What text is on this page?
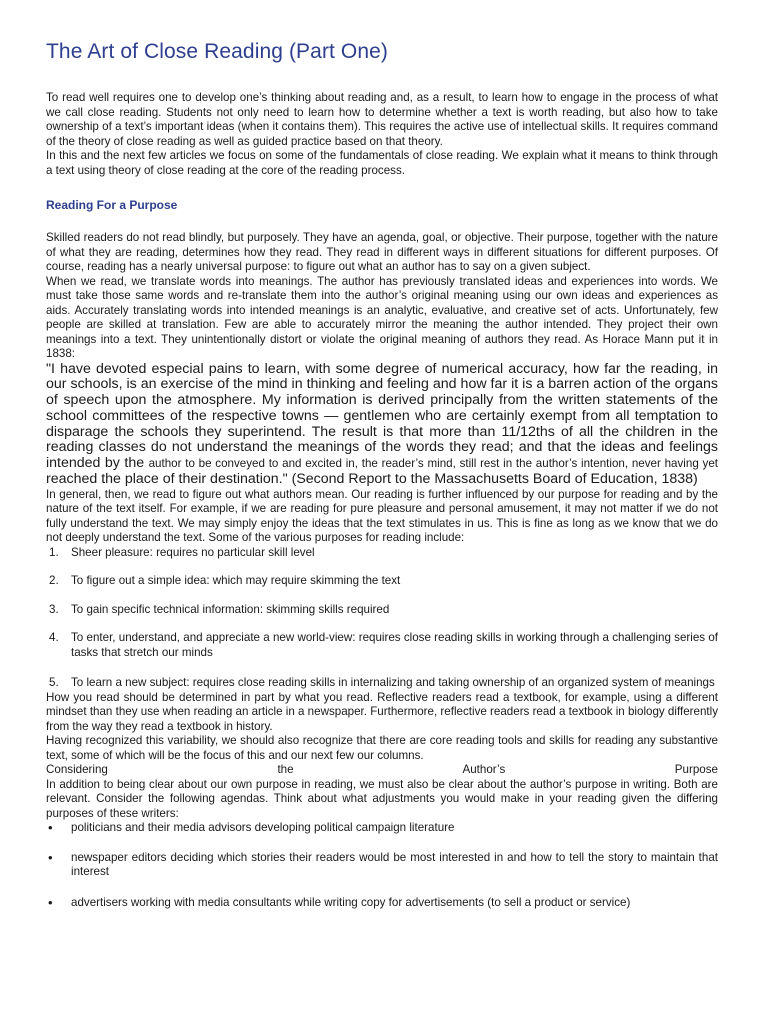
The Art of Close Reading (Part One)

To read well requires one to develop one’s thinking about reading and, as a result, to learn how to engage in the process of what we call close reading. Students not only need to learn how to determine whether a text is worth reading, but also how to take ownership of a text’s important ideas (when it contains them). This requires the active use of intellectual skills. It requires command of the theory of close reading as well as guided practice based on that theory.

In this and the next few articles we focus on some of the fundamentals of close reading. We explain what it means to think through a text using theory of close reading at the core of the reading process.

Reading For a Purpose

Skilled readers do not read blindly, but purposely. They have an agenda, goal, or objective. Their purpose, together with the nature of what they are reading, determines how they read. They read in different ways in different situations for different purposes. Of course, reading has a nearly universal purpose: to figure out what an author has to say on a given subject.

When we read, we translate words into meanings. The author has previously translated ideas and experiences into words. We must take those same words and re-translate them into the author’s original meaning using our own ideas and experiences as aids. Accurately translating words into intended meanings is an analytic, evaluative, and creative set of acts. Unfortunately, few people are skilled at translation. Few are able to accurately mirror the meaning the author intended. They project their own meanings into a text. They unintentionally distort or violate the original meaning of authors they read. As Horace Mann put it in 1838:

"I have devoted especial pains to learn, with some degree of numerical accuracy, how far the reading, in our schools, is an exercise of the mind in thinking and feeling and how far it is a barren action of the organs of speech upon the atmosphere. My information is derived principally from the written statements of the school committees of the respective towns — gentlemen who are certainly exempt from all temptation to disparage the schools they superintend. The result is that more than 11/12ths of all the children in the reading classes do not understand the meanings of the words they read; and that the ideas and feelings intended by the author to be conveyed to and excited in, the reader’s mind, still rest in the author’s intention, never having yet reached the place of their destination." (Second Report to the Massachusetts Board of Education, 1838)

In general, then, we read to figure out what authors mean. Our reading is further influenced by our purpose for reading and by the nature of the text itself. For example, if we are reading for pure pleasure and personal amusement, it may not matter if we do not fully understand the text. We may simply enjoy the ideas that the text stimulates in us. This is fine as long as we know that we do not deeply understand the text. Some of the various purposes for reading include:

1. Sheer pleasure: requires no particular skill level
2. To figure out a simple idea: which may require skimming the text
3. To gain specific technical information: skimming skills required
4. To enter, understand, and appreciate a new world-view: requires close reading skills in working through a challenging series of tasks that stretch our minds
5. To learn a new subject: requires close reading skills in internalizing and taking ownership of an organized system of meanings

How you read should be determined in part by what you read. Reflective readers read a textbook, for example, using a different mindset than they use when reading an article in a newspaper. Furthermore, reflective readers read a textbook in biology differently from the way they read a textbook in history.

Having recognized this variability, we should also recognize that there are core reading tools and skills for reading any substantive text, some of which will be the focus of this and our next few our columns.

Considering the Author’s Purpose

In addition to being clear about our own purpose in reading, we must also be clear about the author’s purpose in writing. Both are relevant. Consider the following agendas. Think about what adjustments you would make in your reading given the differing purposes of these writers:

• politicians and their media advisors developing political campaign literature
• newspaper editors deciding which stories their readers would be most interested in and how to tell the story to maintain that interest
• advertisers working with media consultants while writing copy for advertisements (to sell a product or service)
